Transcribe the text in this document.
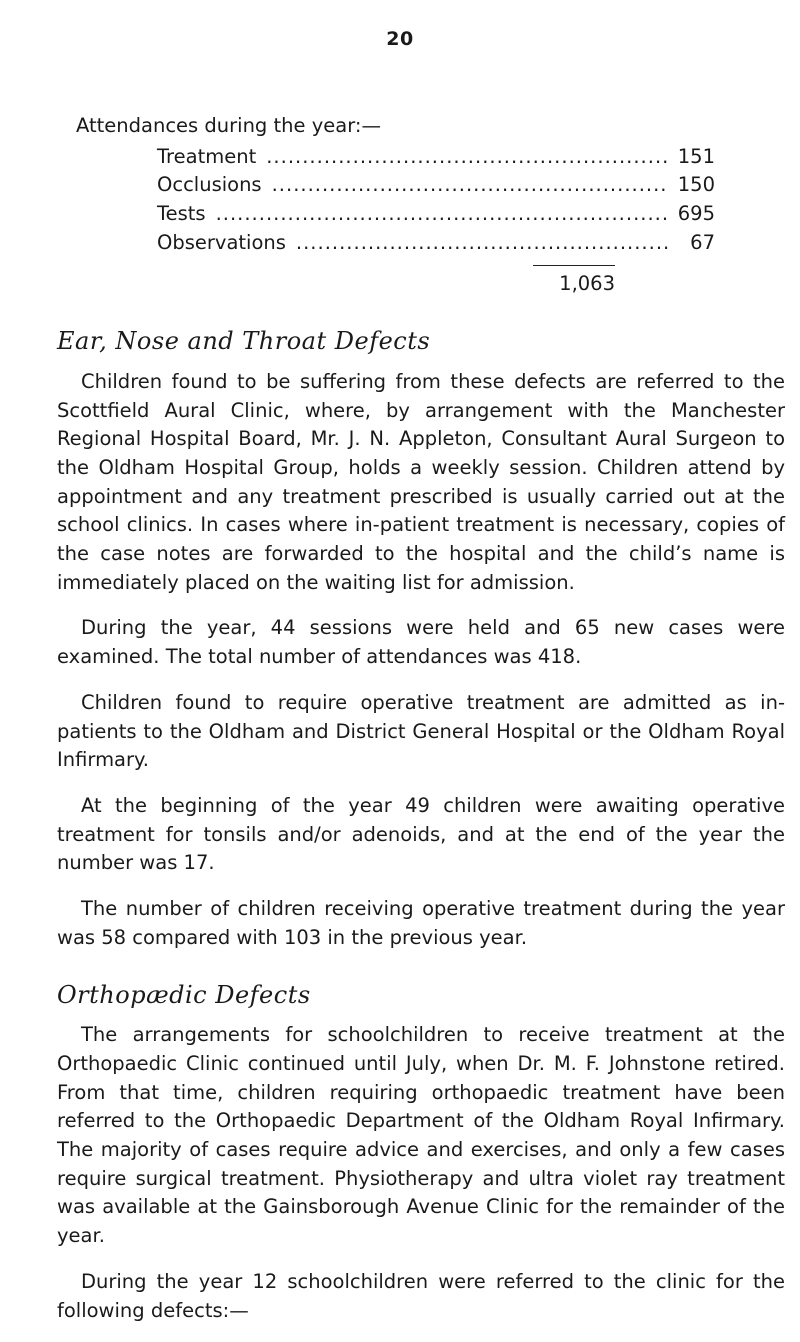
20
Attendances during the year:—
Treatment .....	151
Occlusions .....	150
Tests .....	695
Observations .....	67
1,063
Ear, Nose and Throat Defects

Children found to be suffering from these defects are referred to the Scottfield Aural Clinic, where, by arrangement with the Manchester Regional Hospital Board, Mr. J. N. Appleton, Consultant Aural Surgeon to the Oldham Hospital Group, holds a weekly session. Children attend by appointment and any treatment prescribed is usually carried out at the school clinics. In cases where in-patient treatment is necessary, copies of the case notes are forwarded to the hospital and the child’s name is immediately placed on the waiting list for admission.

During the year, 44 sessions were held and 65 new cases were examined. The total number of attendances was 418.

Children found to require operative treatment are admitted as in-patients to the Oldham and District General Hospital or the Oldham Royal Infirmary.

At the beginning of the year 49 children were awaiting operative treatment for tonsils and/or adenoids, and at the end of the year the number was 17.

The number of children receiving operative treatment during the year was 58 compared with 103 in the previous year.

Orthopædic Defects

The arrangements for schoolchildren to receive treatment at the Orthopaedic Clinic continued until July, when Dr. M. F. Johnstone retired. From that time, children requiring orthopaedic treatment have been referred to the Orthopaedic Department of the Oldham Royal Infirmary. The majority of cases require advice and exercises, and only a few cases require surgical treatment. Physiotherapy and ultra violet ray treatment was available at the Gainsborough Avenue Clinic for the remainder of the year.

During the year 12 schoolchildren were referred to the clinic for the following defects:—
